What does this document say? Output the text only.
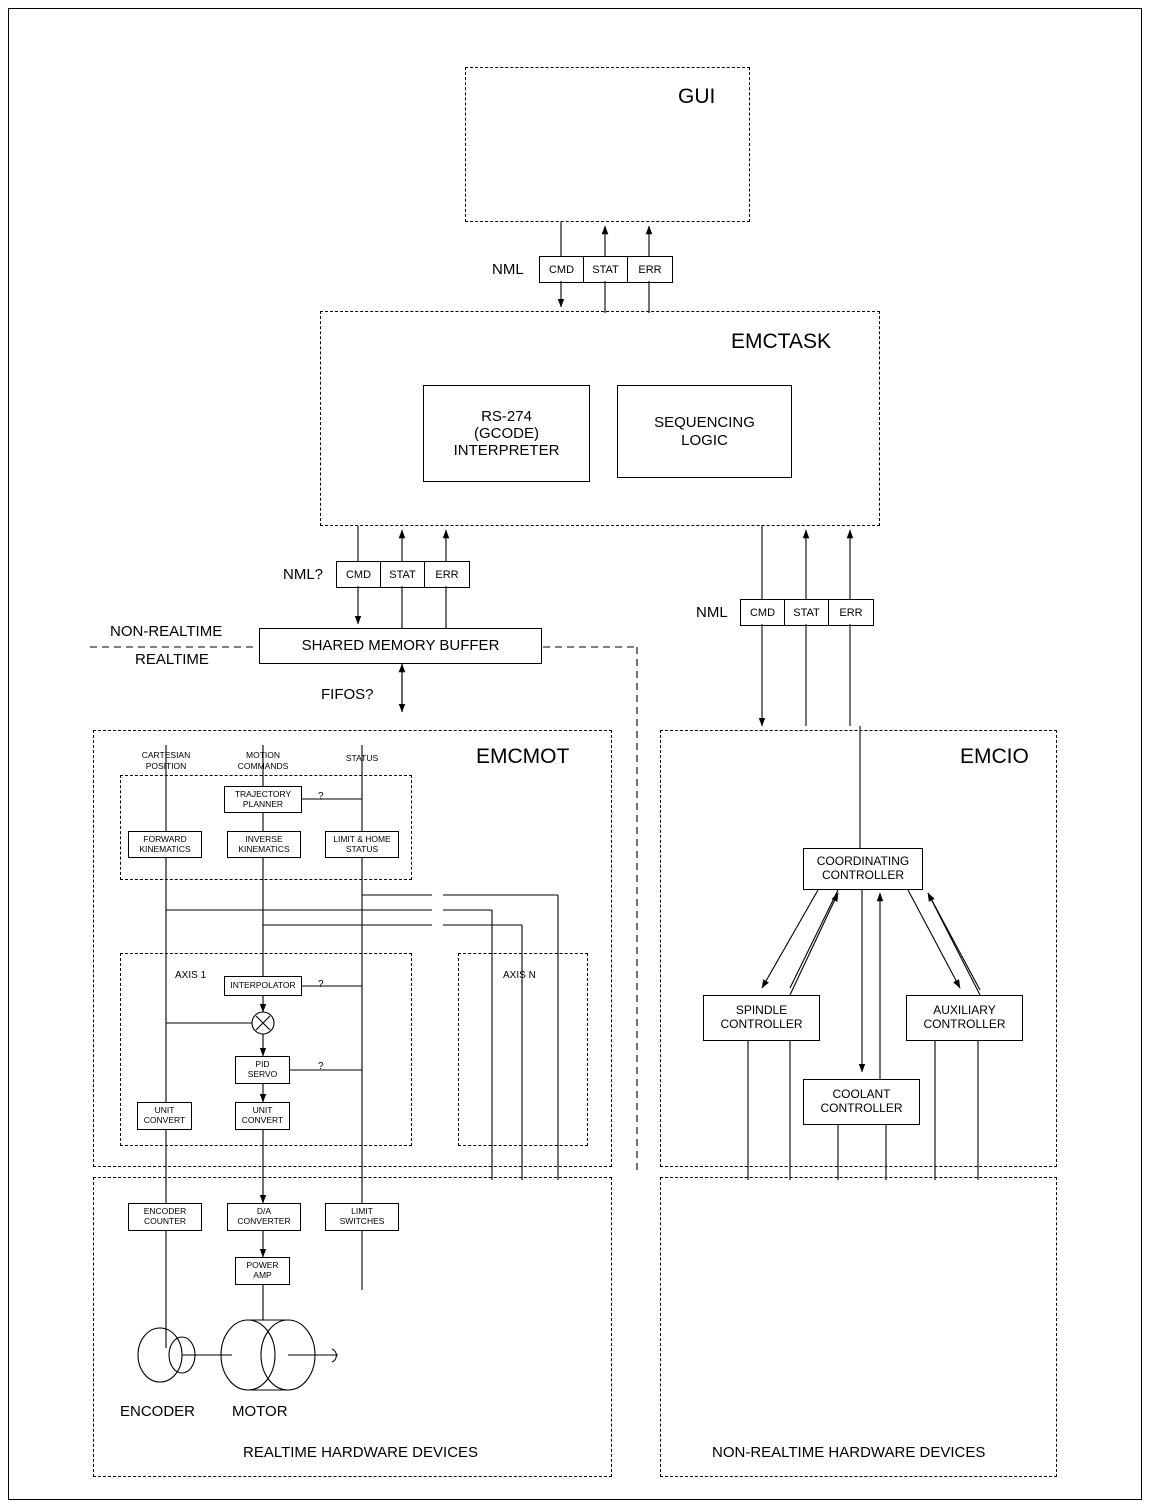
GUI
NML	CMD	STAT	ERR
EMCTASK
RS-274
(GCODE)
INTERPRETER
SEQUENCING
LOGIC
NML?	CMD	STAT	ERR
NML	CMD	STAT	ERR
NON-REALTIME
REALTIME
SHARED MEMORY BUFFER
FIFOS?
EMCMOT
CARTESIAN
POSITION
MOTION
COMMANDS
STATUS
TRAJECTORY
PLANNER
?
FORWARD
KINEMATICS
INVERSE
KINEMATICS
LIMIT & HOME
STATUS
AXIS 1	AXIS N
INTERPOLATOR	?
PID
SERVO
?
UNIT
CONVERT
UNIT
CONVERT
ENCODER
COUNTER
D/A
CONVERTER
LIMIT
SWITCHES
POWER
AMP
ENCODER MOTOR
REALTIME HARDWARE DEVICES
EMCIO
COORDINATING
CONTROLLER
SPINDLE
CONTROLLER
AUXILIARY
CONTROLLER
COOLANT
CONTROLLER
NON-REALTIME HARDWARE DEVICES
